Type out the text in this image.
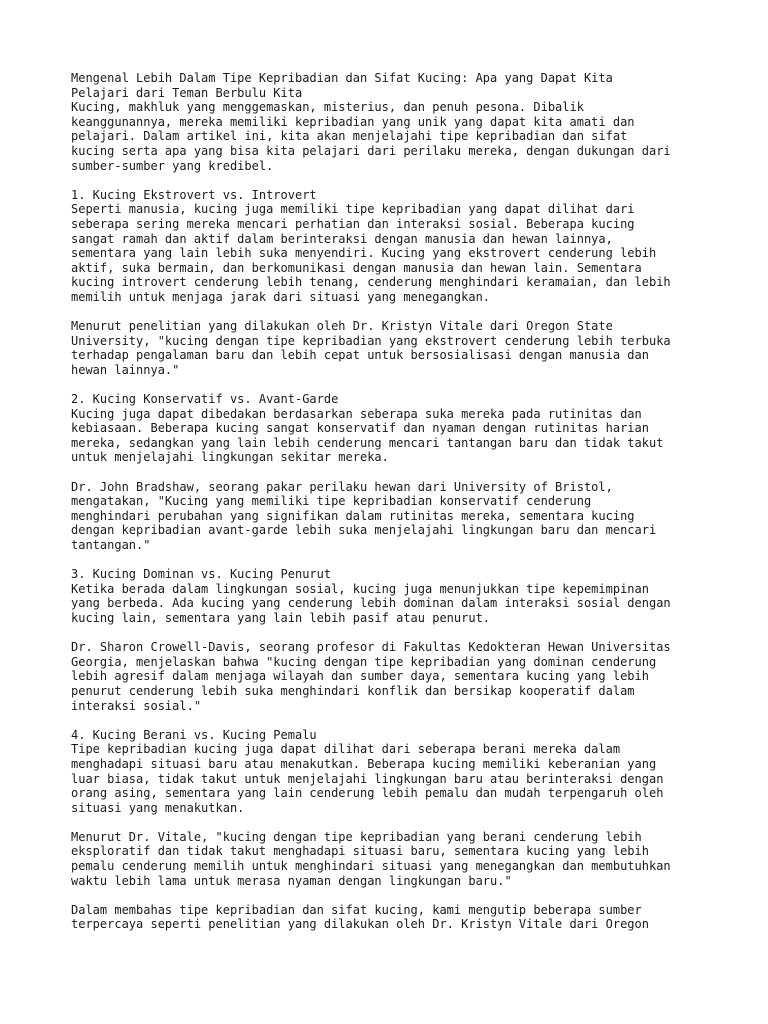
Mengenal Lebih Dalam Tipe Kepribadian dan Sifat Kucing: Apa yang Dapat Kita
Pelajari dari Teman Berbulu Kita
Kucing, makhluk yang menggemaskan, misterius, dan penuh pesona. Dibalik
keanggunannya, mereka memiliki kepribadian yang unik yang dapat kita amati dan
pelajari. Dalam artikel ini, kita akan menjelajahi tipe kepribadian dan sifat
kucing serta apa yang bisa kita pelajari dari perilaku mereka, dengan dukungan dari
sumber-sumber yang kredibel.
1. Kucing Ekstrovert vs. Introvert
Seperti manusia, kucing juga memiliki tipe kepribadian yang dapat dilihat dari
seberapa sering mereka mencari perhatian dan interaksi sosial. Beberapa kucing
sangat ramah dan aktif dalam berinteraksi dengan manusia dan hewan lainnya,
sementara yang lain lebih suka menyendiri. Kucing yang ekstrovert cenderung lebih
aktif, suka bermain, dan berkomunikasi dengan manusia dan hewan lain. Sementara
kucing introvert cenderung lebih tenang, cenderung menghindari keramaian, dan lebih
memilih untuk menjaga jarak dari situasi yang menegangkan.
Menurut penelitian yang dilakukan oleh Dr. Kristyn Vitale dari Oregon State
University, "kucing dengan tipe kepribadian yang ekstrovert cenderung lebih terbuka
terhadap pengalaman baru dan lebih cepat untuk bersosialisasi dengan manusia dan
hewan lainnya."
2. Kucing Konservatif vs. Avant-Garde
Kucing juga dapat dibedakan berdasarkan seberapa suka mereka pada rutinitas dan
kebiasaan. Beberapa kucing sangat konservatif dan nyaman dengan rutinitas harian
mereka, sedangkan yang lain lebih cenderung mencari tantangan baru dan tidak takut
untuk menjelajahi lingkungan sekitar mereka.
Dr. John Bradshaw, seorang pakar perilaku hewan dari University of Bristol,
mengatakan, "Kucing yang memiliki tipe kepribadian konservatif cenderung
menghindari perubahan yang signifikan dalam rutinitas mereka, sementara kucing
dengan kepribadian avant-garde lebih suka menjelajahi lingkungan baru dan mencari
tantangan."
3. Kucing Dominan vs. Kucing Penurut
Ketika berada dalam lingkungan sosial, kucing juga menunjukkan tipe kepemimpinan
yang berbeda. Ada kucing yang cenderung lebih dominan dalam interaksi sosial dengan
kucing lain, sementara yang lain lebih pasif atau penurut.
Dr. Sharon Crowell-Davis, seorang profesor di Fakultas Kedokteran Hewan Universitas
Georgia, menjelaskan bahwa "kucing dengan tipe kepribadian yang dominan cenderung
lebih agresif dalam menjaga wilayah dan sumber daya, sementara kucing yang lebih
penurut cenderung lebih suka menghindari konflik dan bersikap kooperatif dalam
interaksi sosial."
4. Kucing Berani vs. Kucing Pemalu
Tipe kepribadian kucing juga dapat dilihat dari seberapa berani mereka dalam
menghadapi situasi baru atau menakutkan. Beberapa kucing memiliki keberanian yang
luar biasa, tidak takut untuk menjelajahi lingkungan baru atau berinteraksi dengan
orang asing, sementara yang lain cenderung lebih pemalu dan mudah terpengaruh oleh
situasi yang menakutkan.
Menurut Dr. Vitale, "kucing dengan tipe kepribadian yang berani cenderung lebih
eksploratif dan tidak takut menghadapi situasi baru, sementara kucing yang lebih
pemalu cenderung memilih untuk menghindari situasi yang menegangkan dan membutuhkan
waktu lebih lama untuk merasa nyaman dengan lingkungan baru."
Dalam membahas tipe kepribadian dan sifat kucing, kami mengutip beberapa sumber
terpercaya seperti penelitian yang dilakukan oleh Dr. Kristyn Vitale dari Oregon
